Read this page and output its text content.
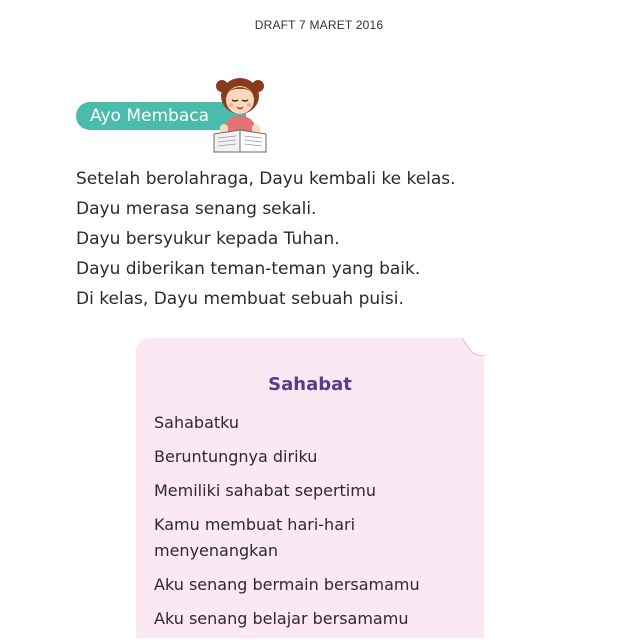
DRAFT 7 MARET 2016
Ayo Membaca
Setelah berolahraga, Dayu kembali ke kelas.
Dayu merasa senang sekali.
Dayu bersyukur kepada Tuhan.
Dayu diberikan teman-teman yang baik.
Di kelas, Dayu membuat sebuah puisi.
Sahabat
Sahabatku
Beruntungnya diriku
Memiliki sahabat sepertimu
Kamu membuat hari-hari menyenangkan
Aku senang bermain bersamamu
Aku senang belajar bersamamu
